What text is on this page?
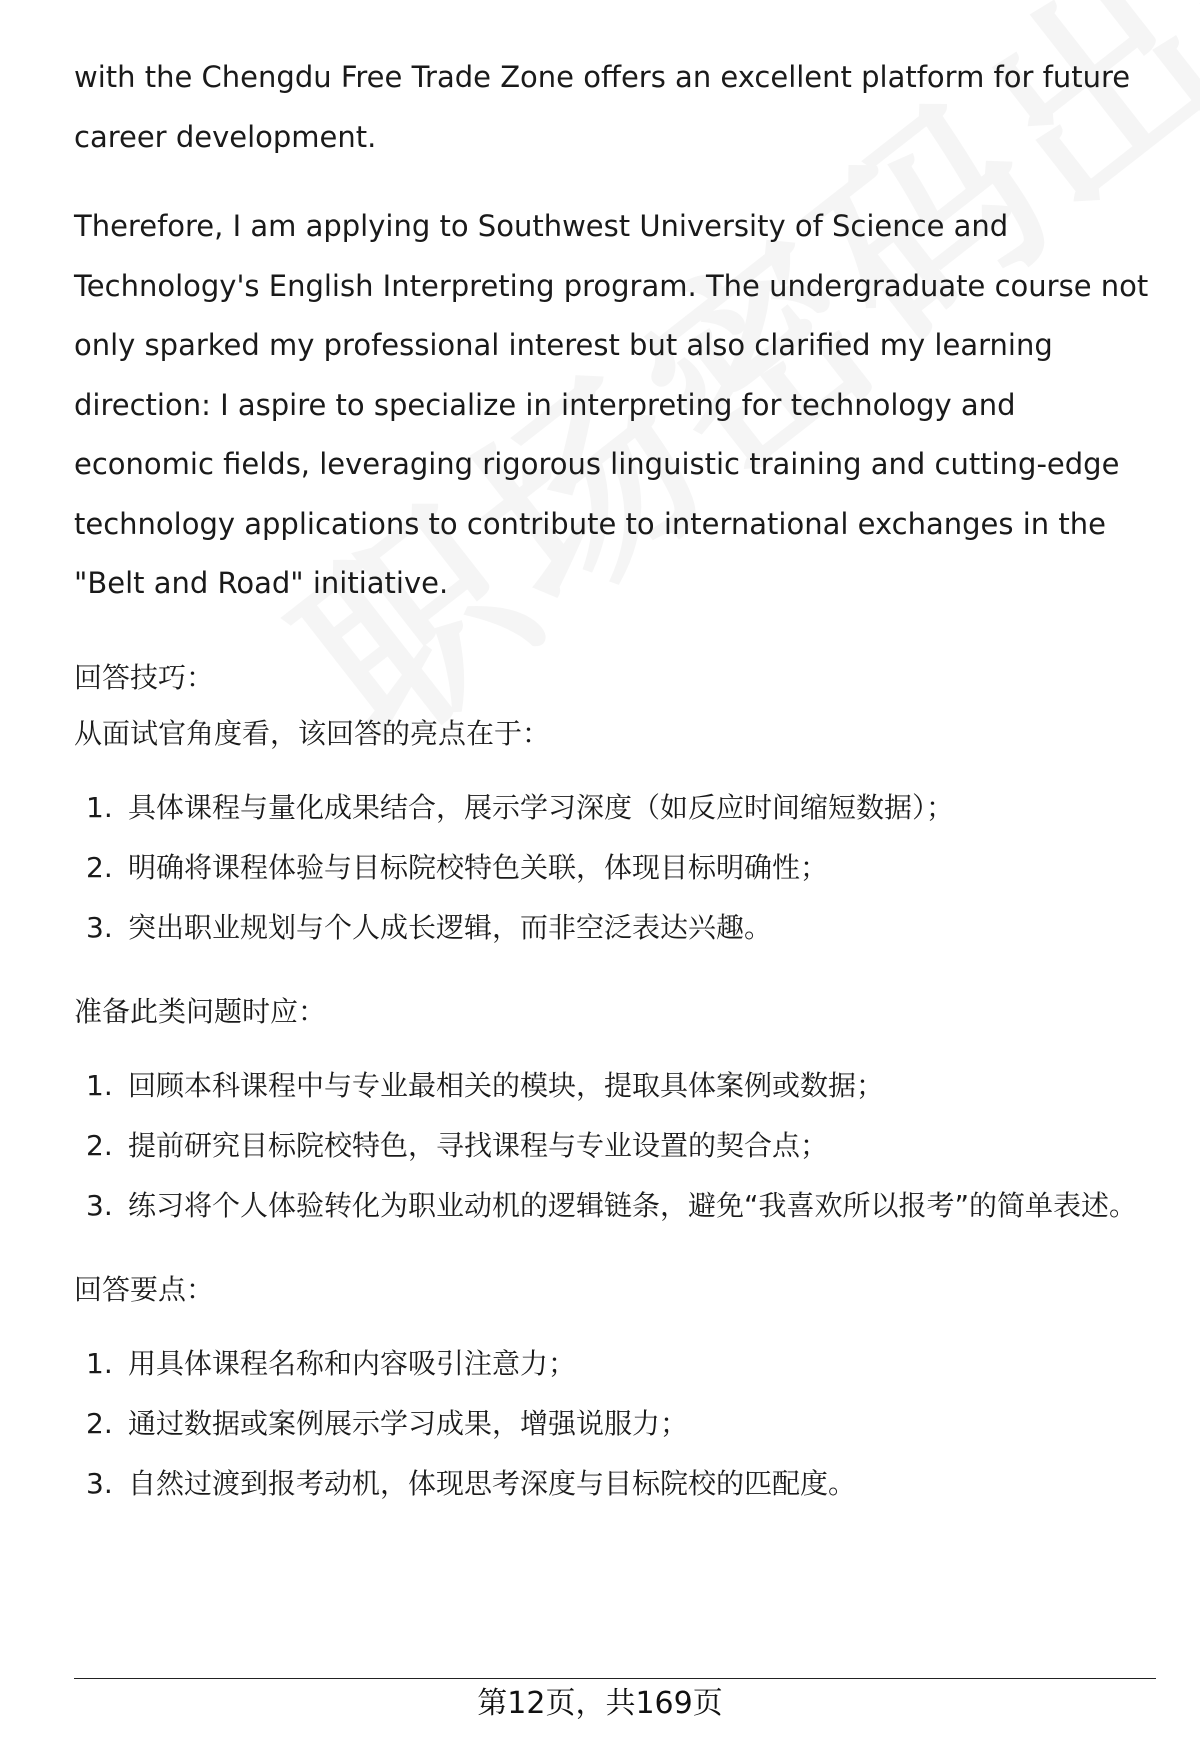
with the Chengdu Free Trade Zone offers an excellent platform for future career development.

Therefore, I am applying to Southwest University of Science and Technology's English Interpreting program. The undergraduate course not only sparked my professional interest but also clarified my learning direction: I aspire to specialize in interpreting for technology and economic fields, leveraging rigorous linguistic training and cutting-edge technology applications to contribute to international exchanges in the "Belt and Road" initiative.

回答技巧：

从面试官角度看，该回答的亮点在于：

1. 具体课程与量化成果结合，展示学习深度（如反应时间缩短数据）；
2. 明确将课程体验与目标院校特色关联，体现目标明确性；
3. 突出职业规划与个人成长逻辑，而非空泛表达兴趣。

准备此类问题时应：

1. 回顾本科课程中与专业最相关的模块，提取具体案例或数据；
2. 提前研究目标院校特色，寻找课程与专业设置的契合点；
3. 练习将个人体验转化为职业动机的逻辑链条，避免“我喜欢所以报考”的简单表述。

回答要点：

1. 用具体课程名称和内容吸引注意力；
2. 通过数据或案例展示学习成果，增强说服力；
3. 自然过渡到报考动机，体现思考深度与目标院校的匹配度。
第12页，共169页
